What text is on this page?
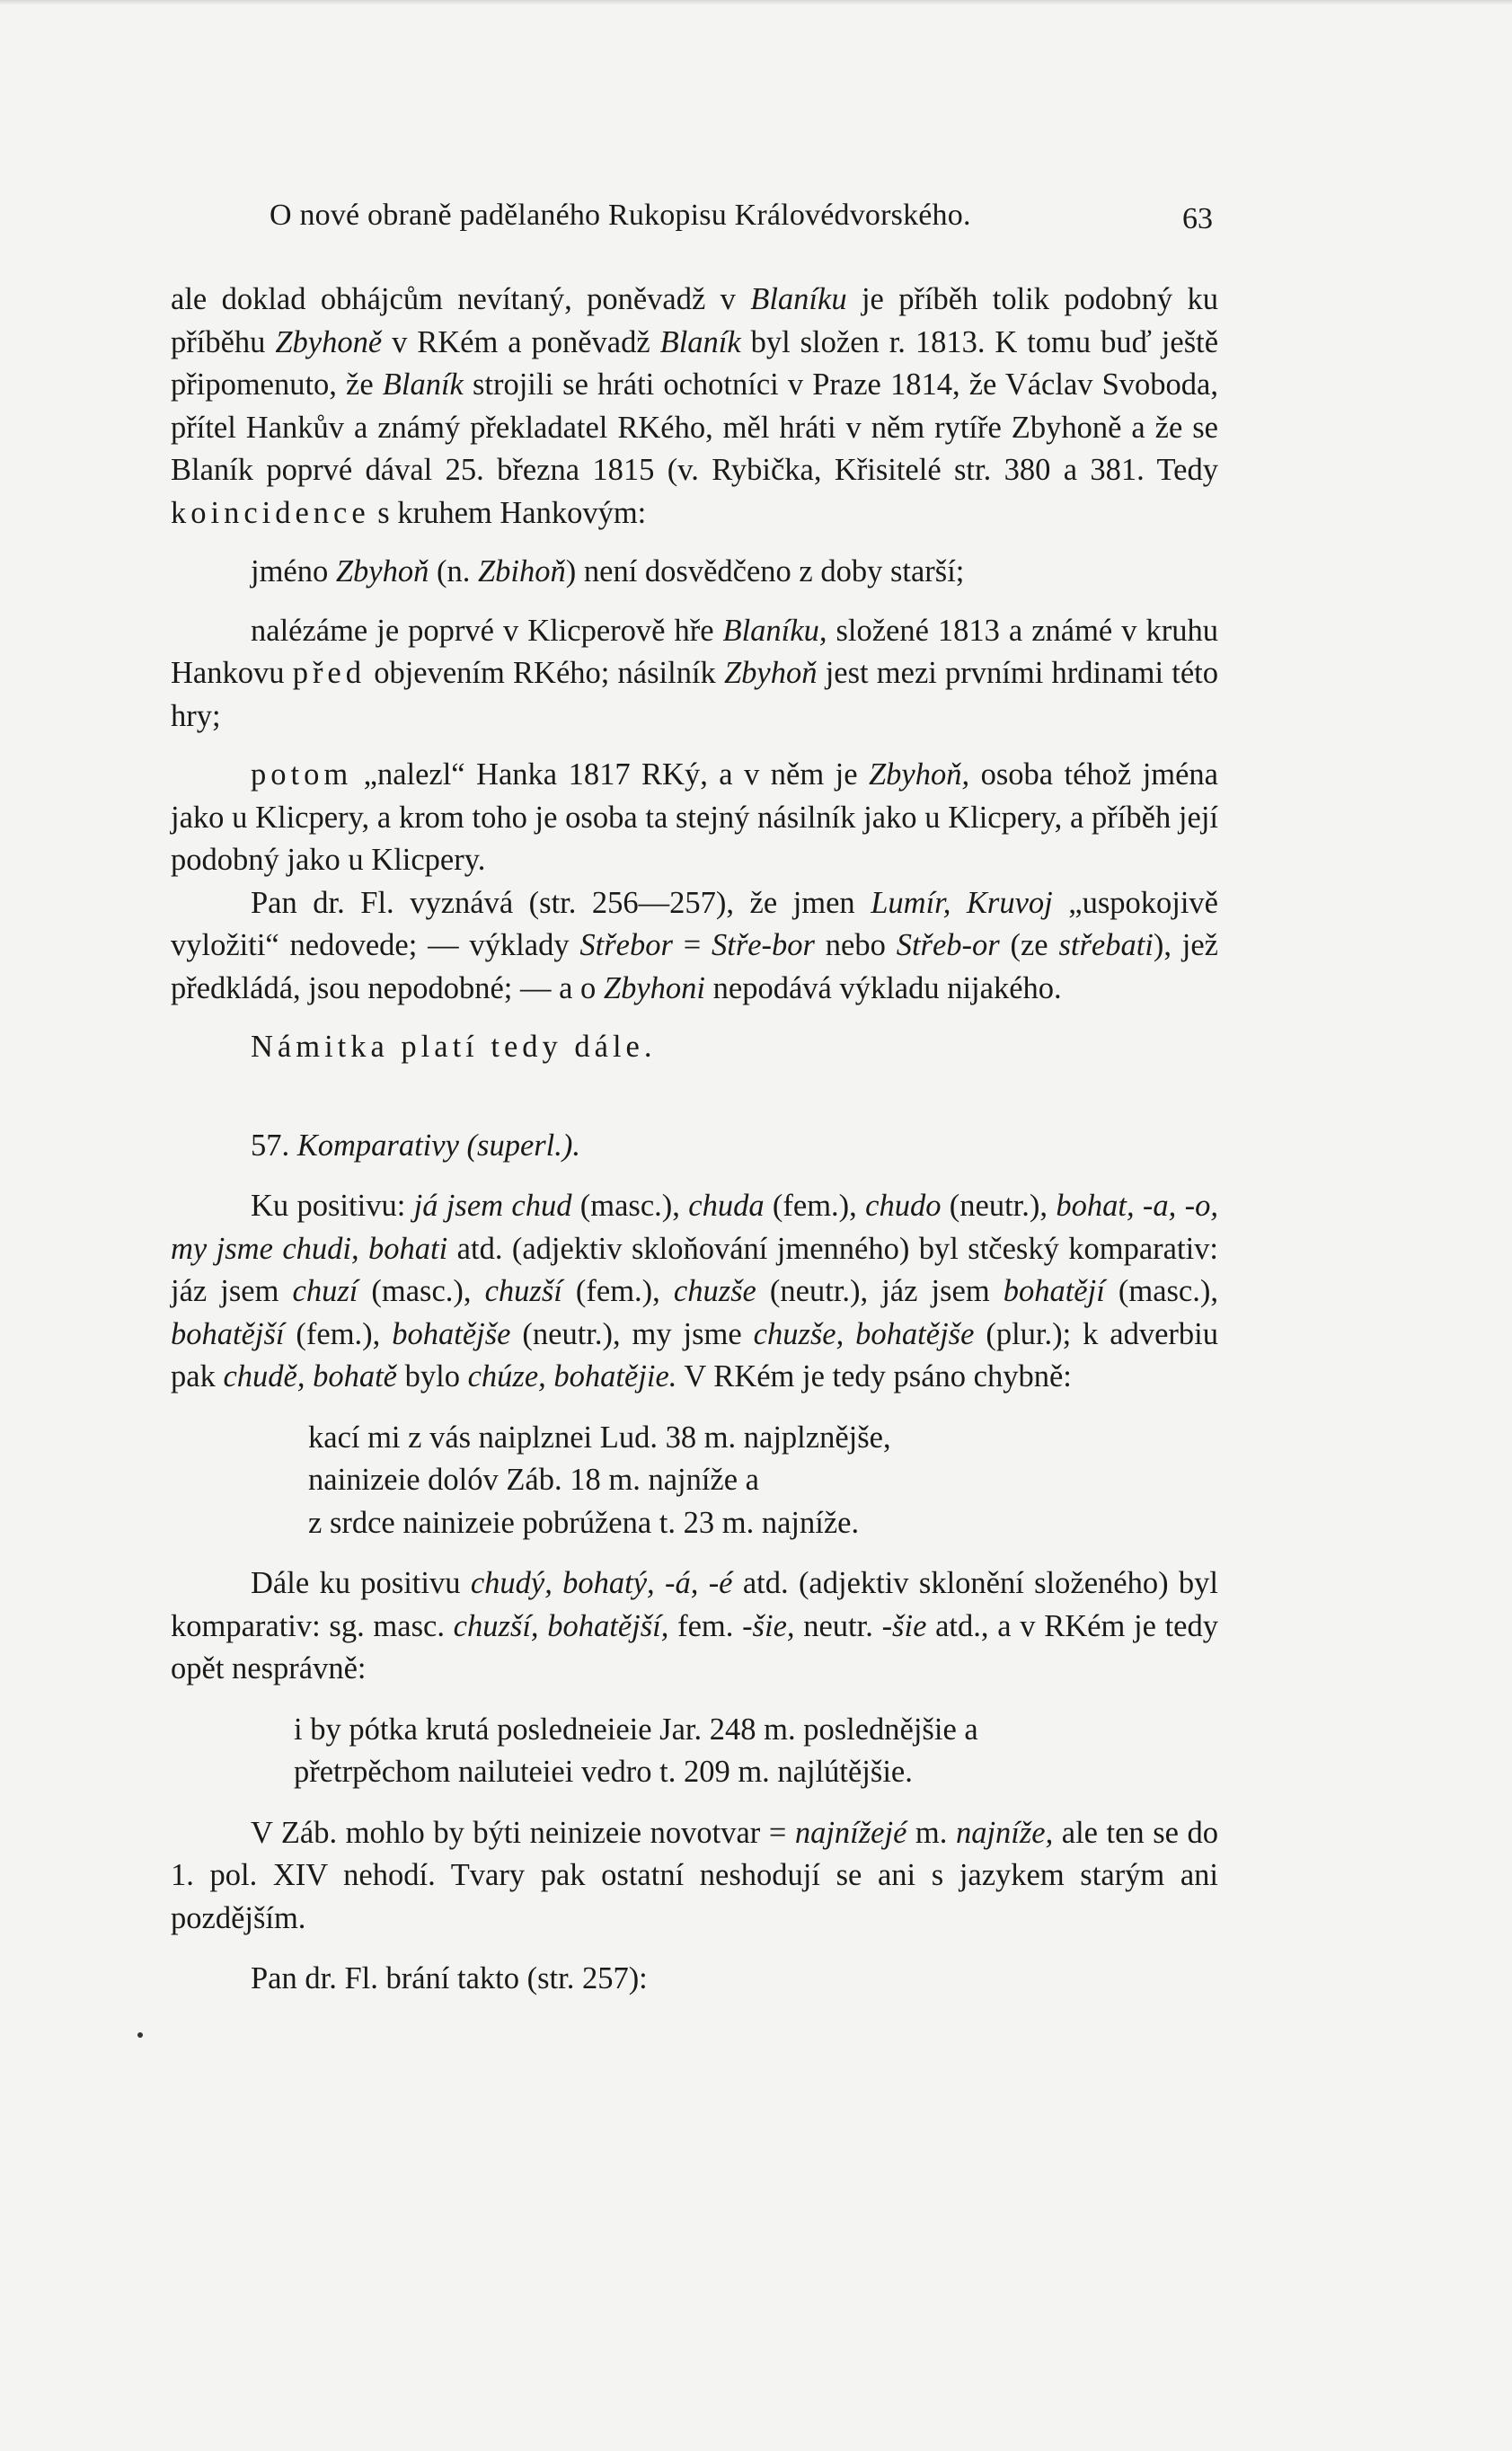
O nové obraně padělaného Rukopisu Královédvorského.	63

ale doklad obhájcům nevítaný, poněvadž v Blaníku je příběh tolik podobný ku příběhu Zbyhoně v RKém a poněvadž Blaník byl složen r. 1813. K tomu buď ještě připomenuto, že Blaník strojili se hráti ochotníci v Praze 1814, že Václav Svoboda, přítel Hankův a známý překladatel RKého, měl hráti v něm rytíře Zbyhoně a že se Blaník poprvé dával 25. března 1815 (v. Rybička, Křisitelé str. 380 a 381. Tedy koincidence s kruhem Hankovým:

jméno Zbyhoň (n. Zbihoň) není dosvědčeno z doby starší;

nalézáme je poprvé v Klicperově hře Blaníku, složené 1813 a známé v kruhu Hankovu před objevením RKého; násilník Zbyhoň jest mezi prvními hrdinami této hry;

potom „nalezl“ Hanka 1817 RKý, a v něm je Zbyhoň, osoba téhož jména jako u Klicpery, a krom toho je osoba ta stejný násilník jako u Klicpery, a příběh její podobný jako u Klicpery.

Pan dr. Fl. vyznává (str. 256—257), že jmen Lumír, Kruvoj „uspokojivě vyložiti“ nedovede; — výklady Střebor = Stře-bor nebo Střeb-or (ze střebati), jež předkládá, jsou nepodobné; — a o Zbyhoni nepodává výkladu nijakého.

Námitka platí tedy dále.

57. Komparativy (superl.).

Ku positivu: já jsem chud (masc.), chuda (fem.), chudo (neutr.), bohat, -a, -o, my jsme chudi, bohati atd. (adjektiv skloňování jmenného) byl stčeský komparativ: jáz jsem chuzí (masc.), chuzší (fem.), chuzše (neutr.), jáz jsem bohatějí (masc.), bohatější (fem.), bohatějše (neutr.), my jsme chuzše, bohatějše (plur.); k adverbiu pak chudě, bohatě bylo chúze, bohatějie. V RKém je tedy psáno chybně:

kací mi z vás naiplznei Lud. 38 m. najplznějše,
nainizeie dolóv Záb. 18 m. najníže a
z srdce nainizeie pobrúžena t. 23 m. najníže.

Dále ku positivu chudý, bohatý, -á, -é atd. (adjektiv sklonění složeného) byl komparativ: sg. masc. chuzší, bohatější, fem. -šie, neutr. -šie atd., a v RKém je tedy opět nesprávně:

i by pótka krutá posledneieie Jar. 248 m. poslednějšie a
přetrpěchom nailuteiei vedro t. 209 m. najlútějšie.

V Záb. mohlo by býti neinizeie novotvar = najnížejé m. najníže, ale ten se do 1. pol. XIV nehodí. Tvary pak ostatní neshodují se ani s jazykem starým ani pozdějším.

Pan dr. Fl. brání takto (str. 257):
